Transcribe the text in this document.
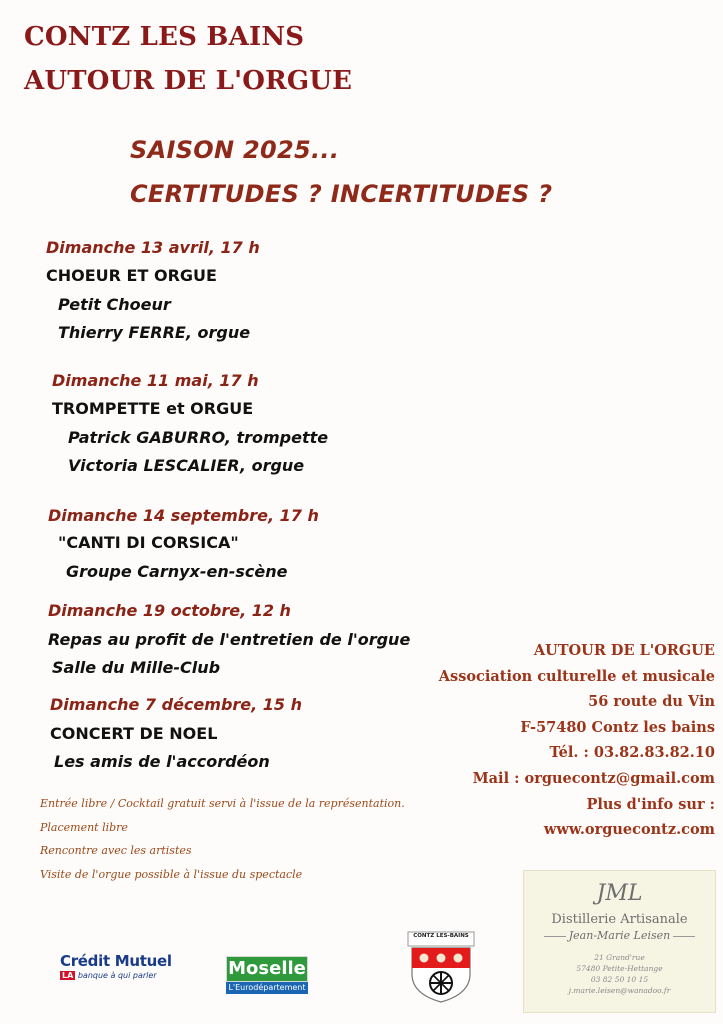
CONTZ LES BAINS
AUTOUR DE L'ORGUE
SAISON 2025...
CERTITUDES ? INCERTITUDES ?
Dimanche 13 avril, 17 h
CHOEUR ET ORGUE
Petit Choeur
Thierry FERRE, orgue
Dimanche 11 mai, 17 h
TROMPETTE et ORGUE
Patrick GABURRO, trompette
Victoria LESCALIER, orgue
Dimanche 14 septembre, 17 h
"CANTI DI CORSICA"
Groupe Carnyx-en-scène
Dimanche 19 octobre, 12 h
Repas au profit de l'entretien de l'orgue
Salle du Mille-Club
Dimanche 7 décembre, 15 h
CONCERT DE NOEL
Les amis de l'accordéon
Entrée libre / Cocktail gratuit servi à l'issue de la représentation.
Placement libre
Rencontre avec les artistes
Visite de l'orgue possible à l'issue du spectacle
AUTOUR DE L'ORGUE
Association culturelle et musicale
56 route du Vin
F-57480 Contz les bains
Tél. : 03.82.83.82.10
Mail : orguecontz@gmail.com
Plus d'info sur :
www.orguecontz.com
Crédit Mutuel
LA banque à qui parler	Moselle
L'Eurodépartement
CONTZ LES-BAINS
JML
Distillerie Artisanale
Jean-Marie Leisen
21 Grand'rue
57480 Petite-Hettange
03 82 50 10 15
j.marie.leisen@wanadoo.fr
